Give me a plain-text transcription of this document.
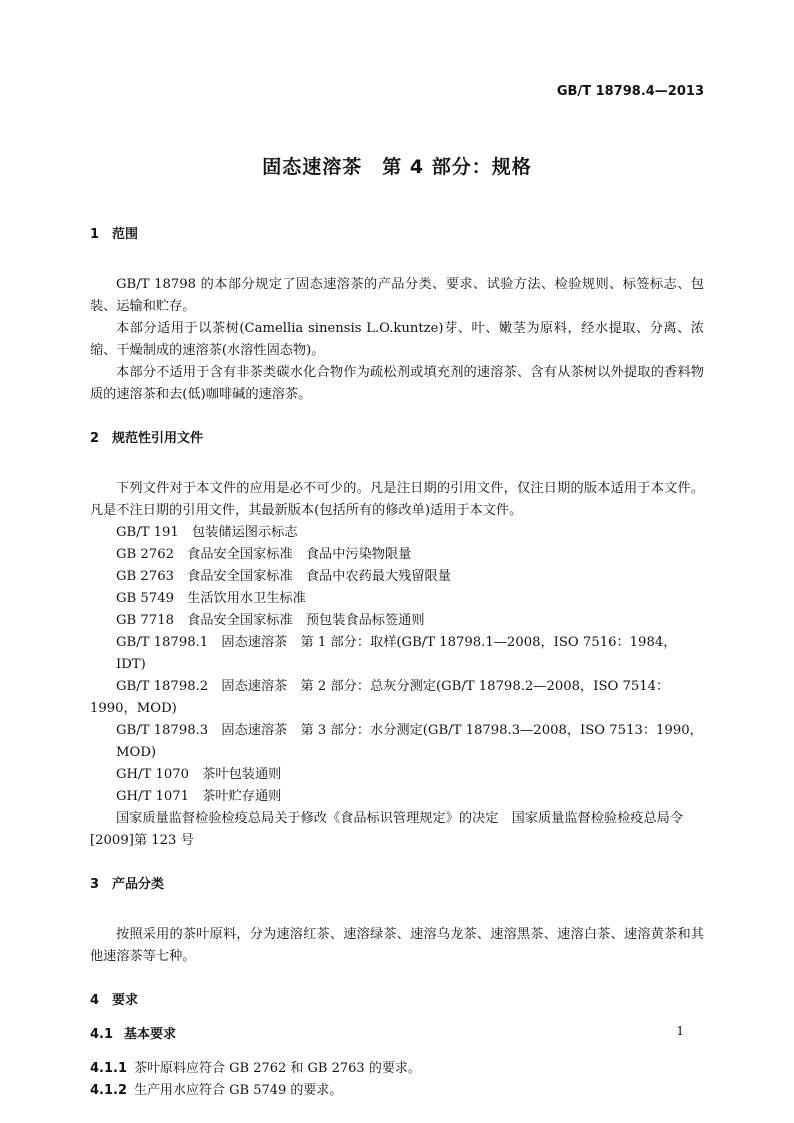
GB/T 18798.4—2013
固态速溶茶　第 4 部分：规格
1 范围
GB/T 18798 的本部分规定了固态速溶茶的产品分类、要求、试验方法、检验规则、标签标志、包装、运输和贮存。
本部分适用于以茶树(Camellia sinensis L.O.kuntze)芽、叶、嫩茎为原料，经水提取、分离、浓缩、干燥制成的速溶茶(水溶性固态物)。
本部分不适用于含有非茶类碳水化合物作为疏松剂或填充剂的速溶茶、含有从茶树以外提取的香料物质的速溶茶和去(低)咖啡碱的速溶茶。
2 规范性引用文件
下列文件对于本文件的应用是必不可少的。凡是注日期的引用文件，仅注日期的版本适用于本文件。凡是不注日期的引用文件，其最新版本(包括所有的修改单)适用于本文件。
GB/T 191　包装储运图示标志
GB 2762　食品安全国家标准　食品中污染物限量
GB 2763　食品安全国家标准　食品中农药最大残留限量
GB 5749　生活饮用水卫生标准
GB 7718　食品安全国家标准　预包装食品标签通则
GB/T 18798.1　固态速溶茶　第 1 部分：取样(GB/T 18798.1—2008，ISO 7516：1984，IDT)
GB/T 18798.2　固态速溶茶　第 2 部分：总灰分测定(GB/T 18798.2—2008，ISO 7514：1990，MOD)
GB/T 18798.3　固态速溶茶　第 3 部分：水分测定(GB/T 18798.3—2008，ISO 7513：1990，MOD)
GH/T 1070　茶叶包装通则
GH/T 1071　茶叶贮存通则
国家质量监督检验检疫总局关于修改《食品标识管理规定》的决定　国家质量监督检验检疫总局令[2009]第 123 号
3 产品分类
按照采用的茶叶原料，分为速溶红茶、速溶绿茶、速溶乌龙茶、速溶黑茶、速溶白茶、速溶黄茶和其他速溶茶等七种。
4 要求
4.1 基本要求
4.1.1 茶叶原料应符合 GB 2762 和 GB 2763 的要求。
4.1.2 生产用水应符合 GB 5749 的要求。
1
